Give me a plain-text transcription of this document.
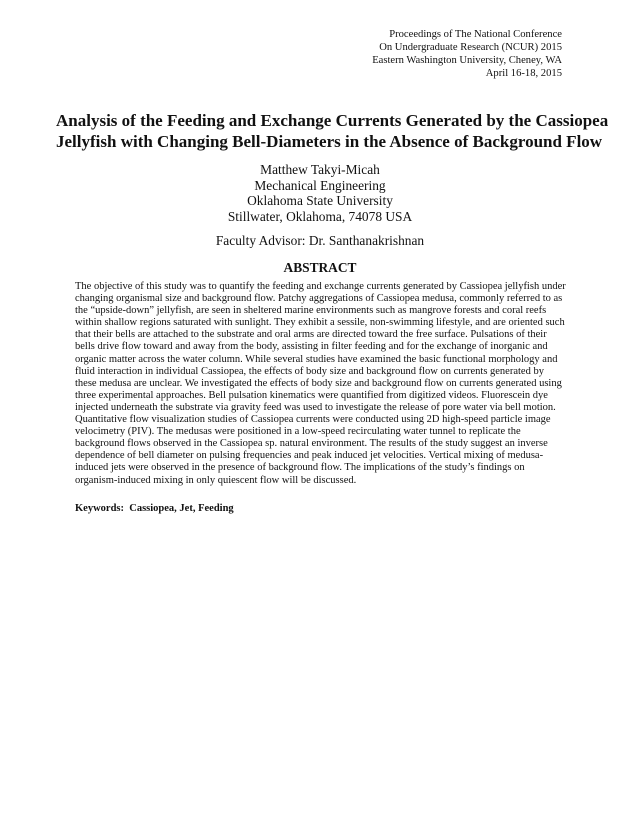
Proceedings of The National Conference
On Undergraduate Research (NCUR) 2015
Eastern Washington University, Cheney, WA
April 16-18, 2015
Analysis of the Feeding and Exchange Currents Generated by the Cassiopea
Jellyfish with Changing Bell-Diameters in the Absence of Background Flow
Matthew Takyi-Micah
Mechanical Engineering
Oklahoma State University
Stillwater, Oklahoma, 74078 USA
Faculty Advisor: Dr. Santhanakrishnan
ABSTRACT
The objective of this study was to quantify the feeding and exchange currents generated by Cassiopea jellyfish under
changing organismal size and background flow. Patchy aggregations of Cassiopea medusa, commonly referred to as
the “upside-down” jellyfish, are seen in sheltered marine environments such as mangrove forests and coral reefs
within shallow regions saturated with sunlight. They exhibit a sessile, non-swimming lifestyle, and are oriented such
that their bells are attached to the substrate and oral arms are directed toward the free surface. Pulsations of their
bells drive flow toward and away from the body, assisting in filter feeding and for the exchange of inorganic and
organic matter across the water column. While several studies have examined the basic functional morphology and
fluid interaction in individual Cassiopea, the effects of body size and background flow on currents generated by
these medusa are unclear. We investigated the effects of body size and background flow on currents generated using
three experimental approaches. Bell pulsation kinematics were quantified from digitized videos. Fluorescein dye
injected underneath the substrate via gravity feed was used to investigate the release of pore water via bell motion.
Quantitative flow visualization studies of Cassiopea currents were conducted using 2D high-speed particle image
velocimetry (PIV). The medusas were positioned in a low-speed recirculating water tunnel to replicate the
background flows observed in the Cassiopea sp. natural environment. The results of the study suggest an inverse
dependence of bell diameter on pulsing frequencies and peak induced jet velocities. Vertical mixing of medusa-
induced jets were observed in the presence of background flow. The implications of the study’s findings on
organism-induced mixing in only quiescent flow will be discussed.
Keywords: Cassiopea, Jet, Feeding
